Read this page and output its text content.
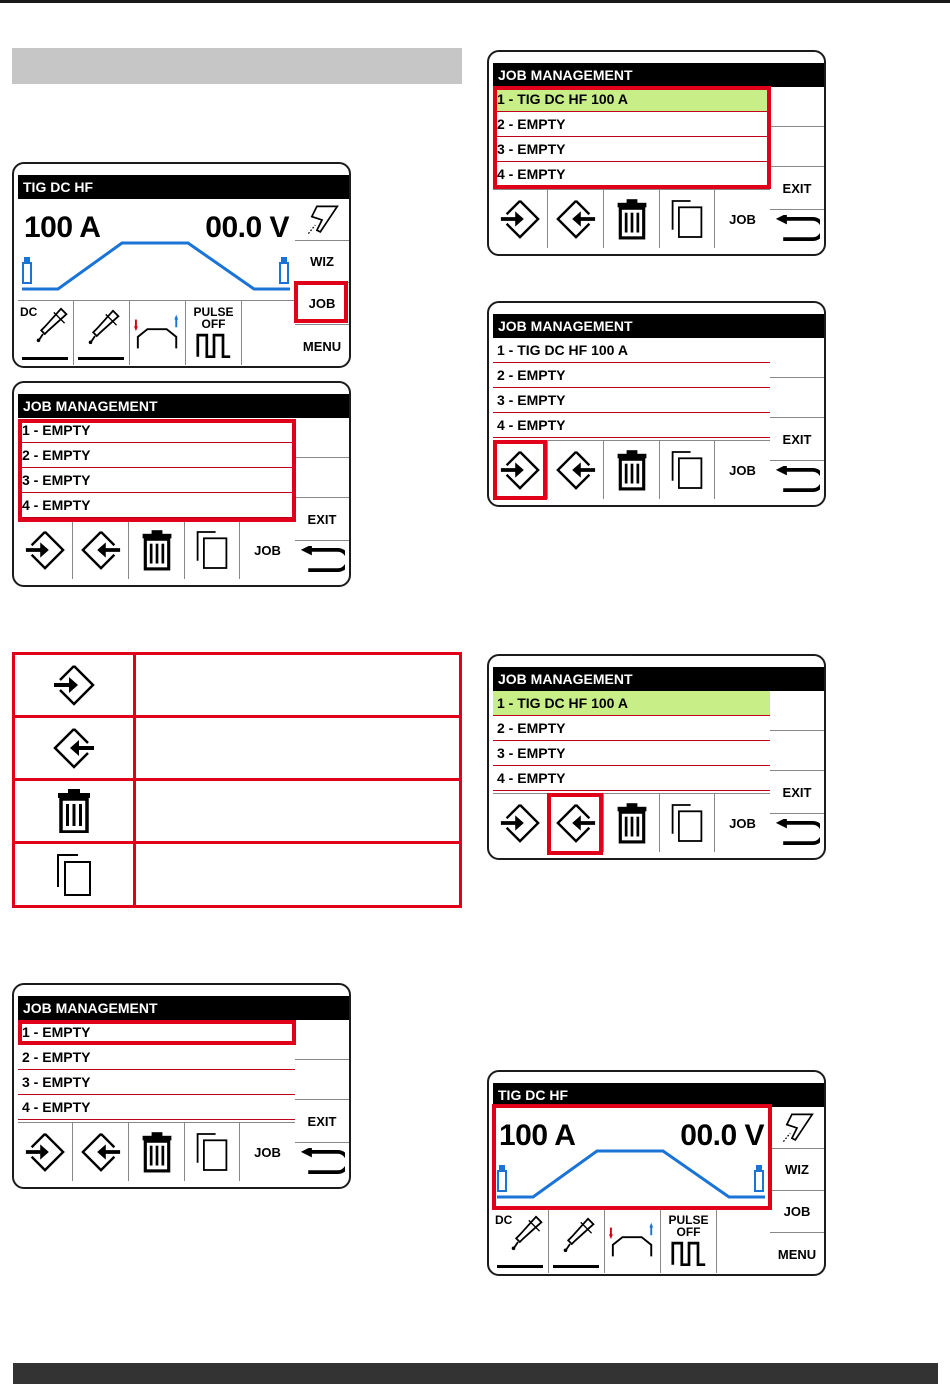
TIG DC HF
100 A	00.0 V
WIZ
JOB
MENU
DC	PULSE
OFF
JOB MANAGEMENT
1 - EMPTY
2 - EMPTY
3 - EMPTY
4 - EMPTY
EXIT
JOB
JOB MANAGEMENT
1 - EMPTY
2 - EMPTY
3 - EMPTY
4 - EMPTY
EXIT
JOB
JOB MANAGEMENT
1 - TIG DC HF 100 A
2 - EMPTY
3 - EMPTY
4 - EMPTY
EXIT
JOB
JOB MANAGEMENT
1 - TIG DC HF 100 A
2 - EMPTY
3 - EMPTY
4 - EMPTY
EXIT
JOB
JOB MANAGEMENT
1 - TIG DC HF 100 A
2 - EMPTY
3 - EMPTY
4 - EMPTY
EXIT
JOB
TIG DC HF
100 A	00.0 V
WIZ
JOB
MENU
DC	PULSE
OFF
